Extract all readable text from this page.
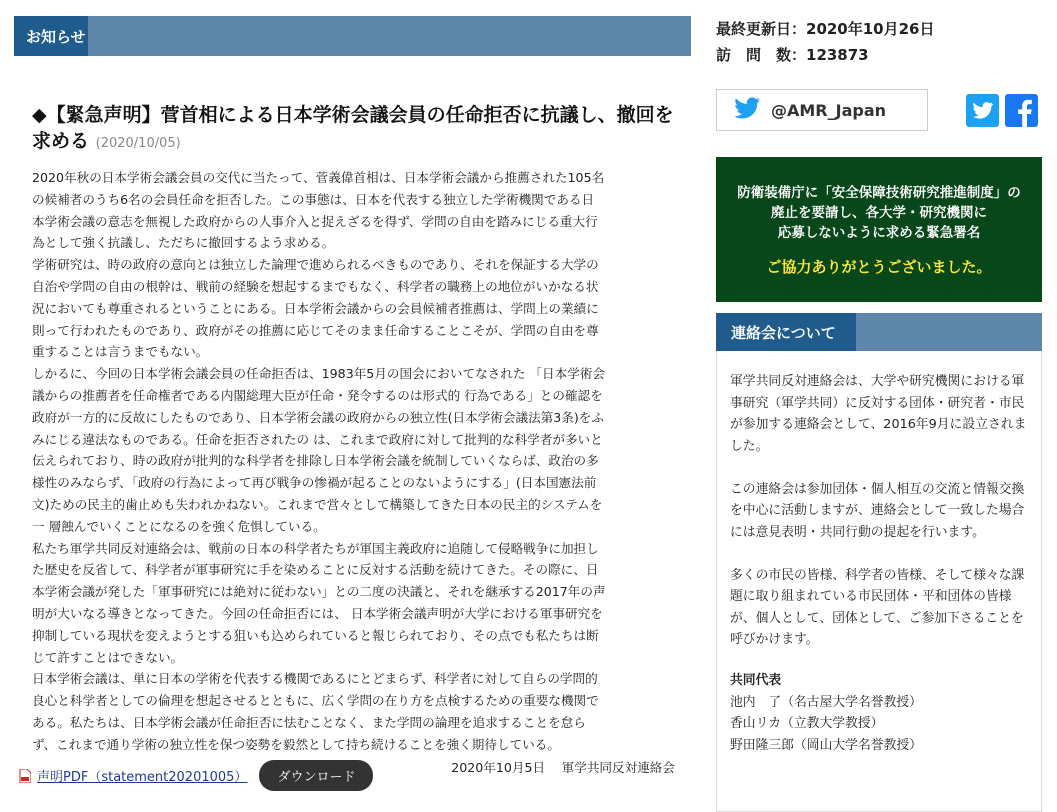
お知らせ
◆【緊急声明】菅首相による日本学術会議会員の任命拒否に抗議し、撤回を求める (2020/10/05)

2020年秋の日本学術会議会員の交代に当たって、菅義偉首相は、日本学術会議から推薦された105名

の候補者のうち6名の会員任命を拒否した。この事態は、日本を代表する独立した学術機関である日

本学術会議の意志を無視した政府からの人事介入と捉えざるを得ず、学問の自由を踏みにじる重大行

為として強く抗議し、ただちに撤回するよう求める。

学術研究は、時の政府の意向とは独立した論理で進められるべきものであり、それを保証する大学の

自治や学問の自由の根幹は、戦前の経験を想起するまでもなく、科学者の職務上の地位がいかなる状

況においても尊重されるということにある。日本学術会議からの会員候補者推薦は、学問上の業績に

則って行われたものであり、政府がその推薦に応じてそのまま任命することこそが、学問の自由を尊

重することは言うまでもない。

しかるに、今回の日本学術会議会員の任命拒否は、1983年5月の国会においてなされた 「日本学術会

議からの推薦者を任命権者である内閣総理大臣が任命・発令するのは形式的 行為である」との確認を

政府が一方的に反故にしたものであり、日本学術会議の政府からの独立性(日本学術会議法第3条)をふ

みにじる違法なものである。任命を拒否されたの は、これまで政府に対して批判的な科学者が多いと

伝えられており、時の政府が批判的な科学者を排除し日本学術会議を統制していくならば、政治の多

様性のみならず、「政府の行為によって再び戦争の惨禍が起ることのないようにする」(日本国憲法前

文)ための民主的歯止めも失われかねない。これまで営々として構築してきた日本の民主的システムを

一 層蝕んでいくことになるのを強く危惧している。

私たち軍学共同反対連絡会は、戦前の日本の科学者たちが軍国主義政府に追随して侵略戦争に加担し

た歴史を反省して、科学者が軍事研究に手を染めることに反対する活動を続けてきた。その際に、日

本学術会議が発した「軍事研究には絶対に従わない」との二度の決議と、それを継承する2017年の声

明が大いなる導きとなってきた。今回の任命拒否には、 日本学術会議声明が大学における軍事研究を

抑制している現状を変えようとする狙いも込められていると報じられており、その点でも私たちは断

じて許すことはできない。

日本学術会議は、単に日本の学術を代表する機関であるにとどまらず、科学者に対して自らの学問的

良心と科学者としての倫理を想起させるとともに、広く学問の在り方を点検するための重要な機関で

ある。私たちは、日本学術会議が任命拒否に怯むことなく、また学問の論理を追求することを怠ら

ず、これまで通り学術の独立性を保つ姿勢を毅然として持ち続けることを強く期待している。

2020年10月5日　 軍学共同反対連絡会
声明PDF（statement20201005）	ダウンロード
最終更新日：2020年10月26日
訪　問　数：123873
@AMR_Japan
防衛装備庁に「安全保障技術研究推進制度」の
廃止を要請し、各大学・研究機関に
応募しないように求める緊急署名
ご協力ありがとうございました。
連絡会について

軍学共同反対連絡会は、大学や研究機関における軍事研究（軍学共同）に反対する団体・研究者・市民が参加する連絡会として、2016年9月に設立されました。

この連絡会は参加団体・個人相互の交流と情報交換を中心に活動しますが、連絡会として一致した場合には意見表明・共同行動の提起を行います。

多くの市民の皆様、科学者の皆様、そして様々な課題に取り組まれている市民団体・平和団体の皆様が、個人として、団体として、ご参加下さることを呼びかけます。

共同代表
池内　了（名古屋大学名誉教授）
香山リカ（立教大学教授）
野田隆三郎（岡山大学名誉教授）
